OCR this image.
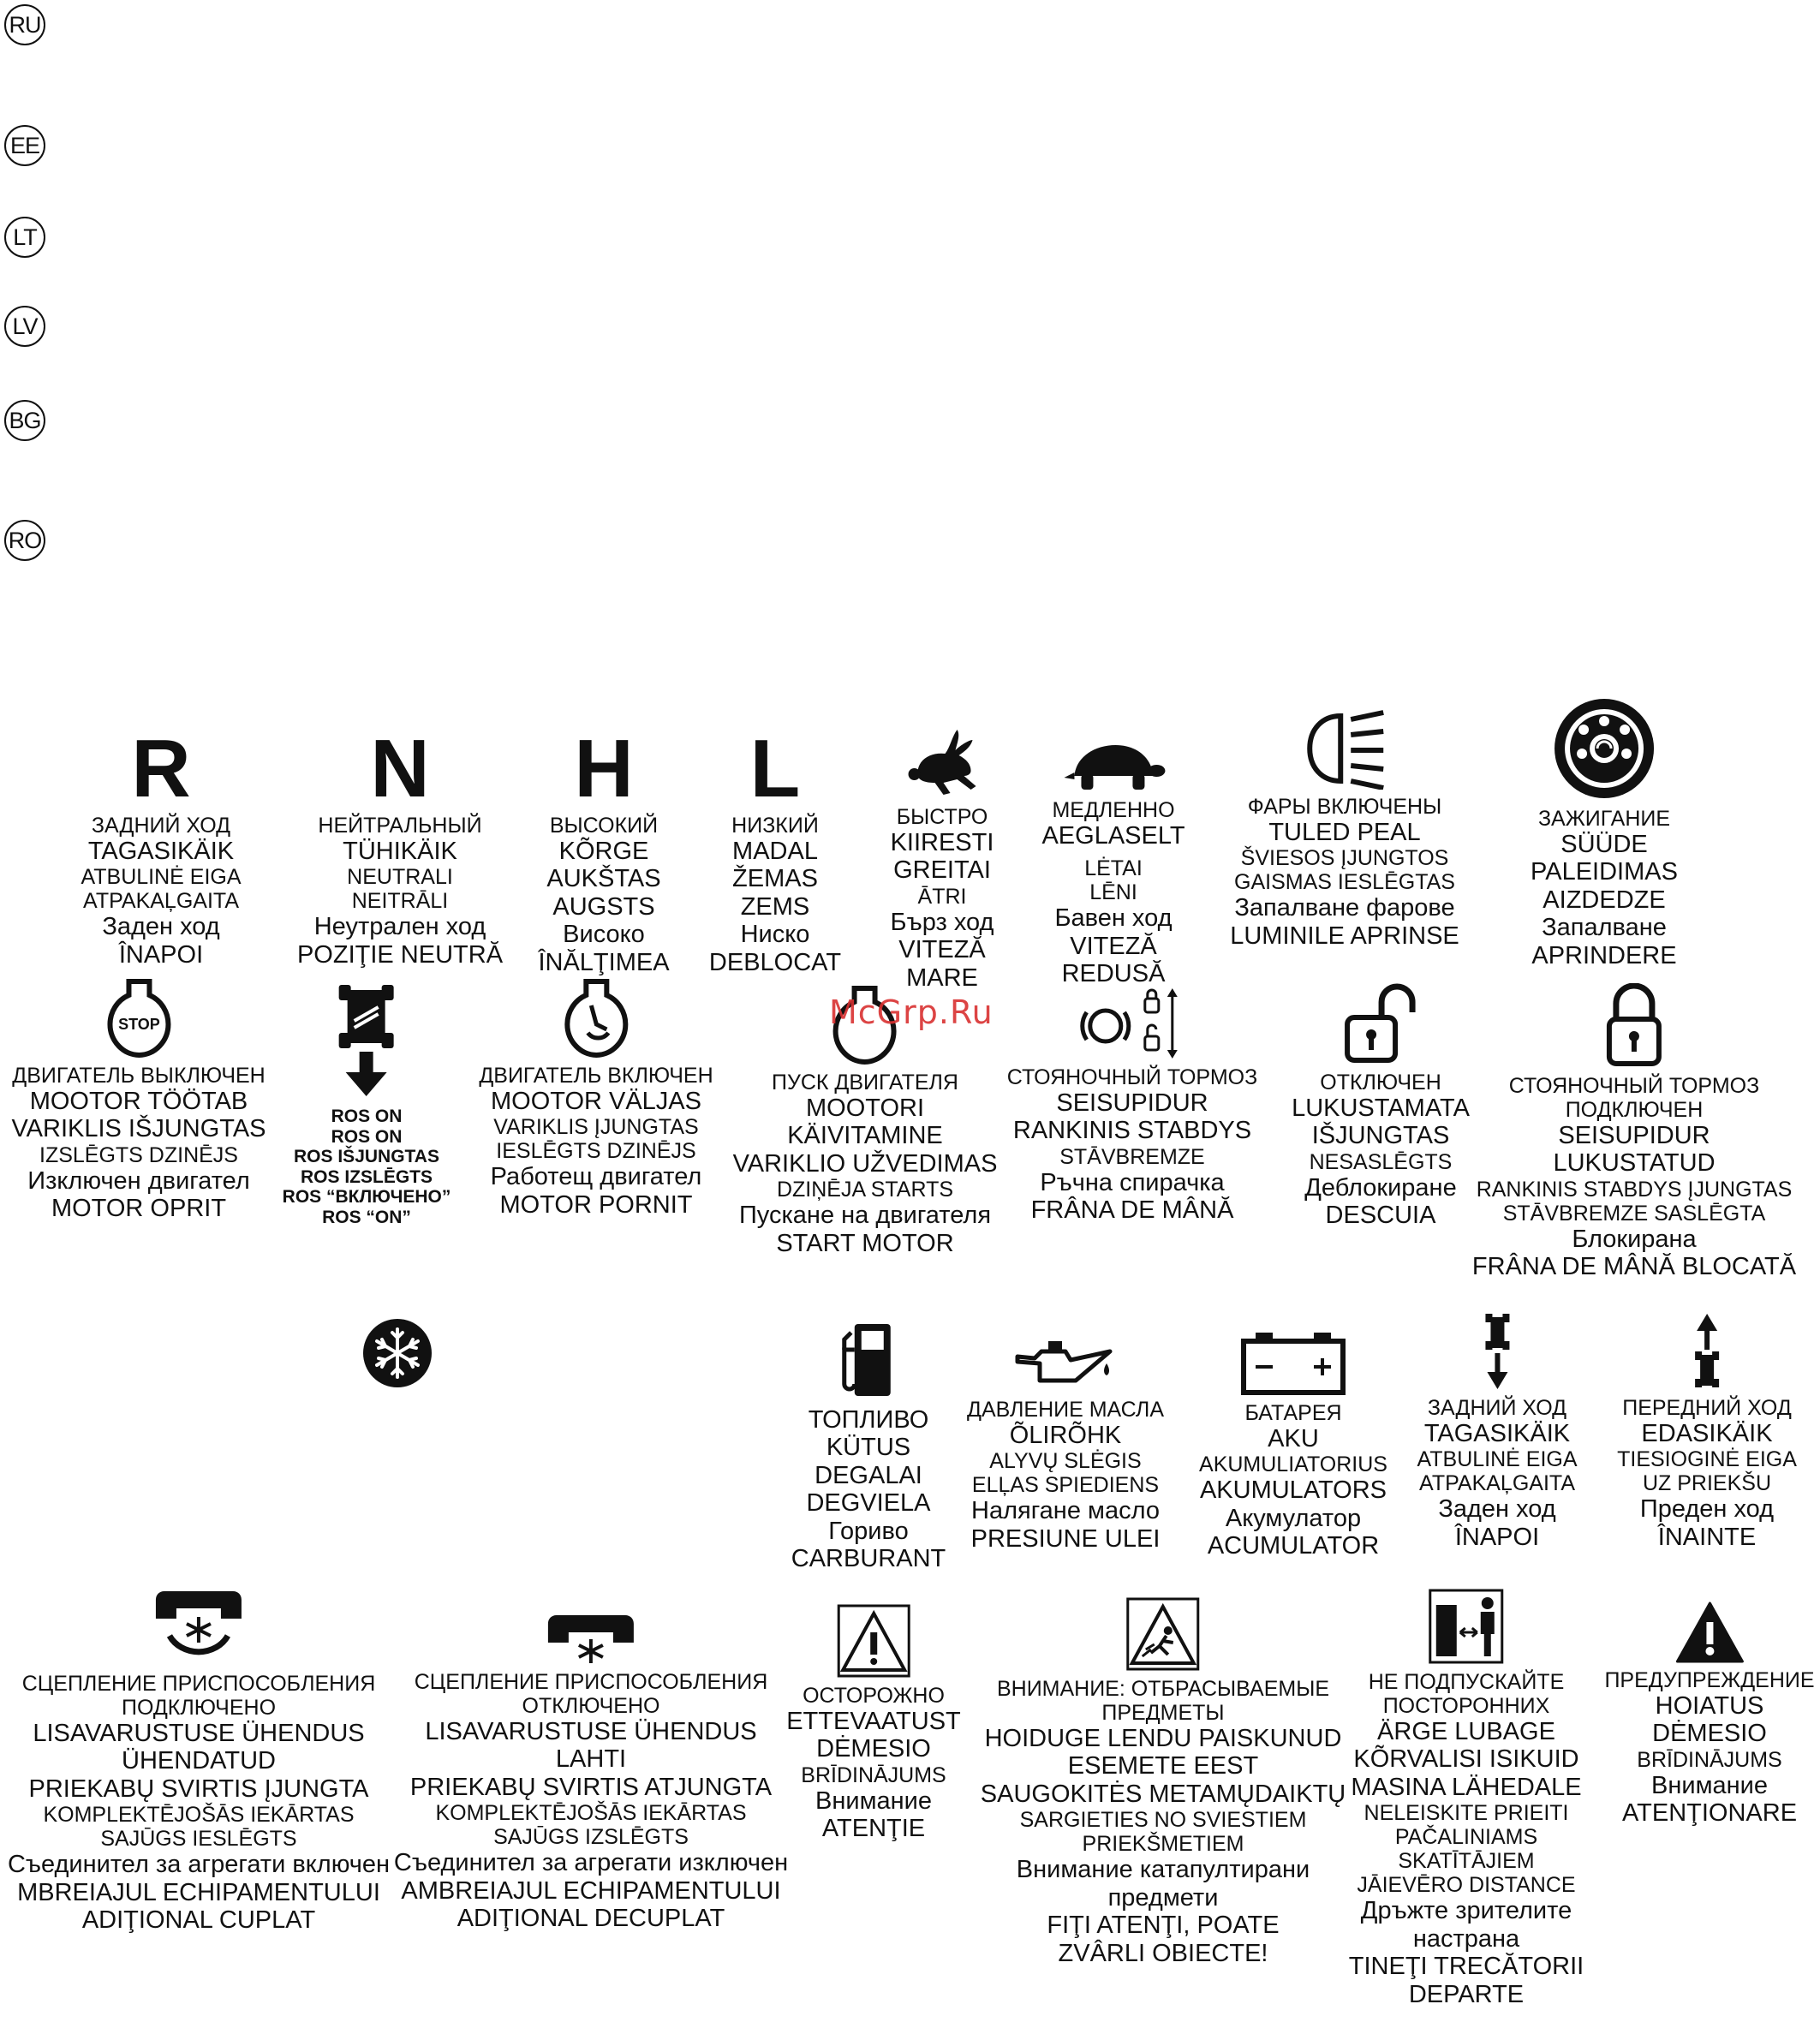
RU
EE
LT
LV
BG
RO
R
ЗАДНИЙ ХОД
TAGASIKÄIK
ATBULINĖ EIGA
ATPAKAĻGAITA
Заден ход
ÎNAPOI
N
НЕЙТРАЛЬНЫЙ
TÜHIKÄIK
NEUTRALI
NEITRĀLI
Неутрален ход
POZIŢIE NEUTRĂ
H
ВЫСОКИЙ
KÕRGE
AUKŠTAS
AUGSTS
Високо
ÎNĂLŢIMEA
L
НИЗКИЙ
MADAL
ŽEMAS
ZEMS
Ниско
DEBLOCAT
БЫСТРО
KIIRESTI
GREITAI
ĀTRI
Бърз ход
VITEZĂ
MARE
МЕДЛЕННО
AEGLASELT
LĖTAI
LĒNI
Бавен ход
VITEZĂ
REDUSĂ
ФАРЫ ВКЛЮЧЕНЫ
TULED PEAL
ŠVIESOS ĮJUNGTOS
GAISMAS IESLĒGTAS
Запалване фарове
LUMINILE APRINSE
ЗАЖИГАНИЕ
SÜÜDE
PALEIDIMAS
AIZDEDZE
Запалване
APRINDERE
STOP
ДВИГАТЕЛЬ ВЫКЛЮЧЕН
MOOTOR TÖÖTAB
VARIKLIS IŠJUNGTAS
IZSLĒGTS DZINĒJS
Изключен двигател
MOTOR OPRIT
ROS ON
ROS ON
ROS IŠJUNGTAS
ROS IZSLĒGTS
ROS “ВКЛЮЧЕНО”
ROS “ON”
ДВИГАТЕЛЬ ВКЛЮЧЕН
MOOTOR VÄLJAS
VARIKLIS ĮJUNGTAS
IESLĒGTS DZINĒJS
Работещ двигател
MOTOR PORNIT
ПУСК ДВИГАТЕЛЯ
MOOTORI
KÄIVITAMINE
VARIKLIO UŽVEDIMAS
DZIŅĒJA STARTS
Пускане на двигателя
START MOTOR
СТОЯНОЧНЫЙ ТОРМОЗ
SEISUPIDUR
RANKINIS STABDYS
STĀVBREMZE
Ръчна спирачка
FRÂNA DE MÂNĂ
ОТКЛЮЧЕН
LUKUSTAMATA
IŠJUNGTAS
NESASLĒGTS
Деблокиране
DESCUIA
СТОЯНОЧНЫЙ ТОРМОЗ
ПОДКЛЮЧЕН
SEISUPIDUR
LUKUSTATUD
RANKINIS STABDYS ĮJUNGTAS
STĀVBREMZE SASLĒGTA
Блокирана
FRÂNA DE MÂNĂ BLOCATĂ
McGrp.Ru
ТОПЛИВО
KÜTUS
DEGALAI
DEGVIELA
Гориво
CARBURANT
ДАВЛЕНИЕ МАСЛА
ÕLIRÕHK
ALYVŲ SLĖGIS
ELĻAS SPIEDIENS
Налягане масло
PRESIUNE ULEI
БАТАРЕЯ
AKU
AKUMULIATORIUS
AKUMULATORS
Акумулатор
ACUMULATOR
ЗАДНИЙ ХОД
TAGASIKÄIK
ATBULINĖ EIGA
ATPAKAĻGAITA
Заден ход
ÎNAPOI
ПЕРЕДНИЙ ХОД
EDASIKÄIK
TIESIOGINĖ EIGA
UZ PRIEKŠU
Преден ход
ÎNAINTE
СЦЕПЛЕНИЕ ПРИСПОСОБЛЕНИЯ
ПОДКЛЮЧЕНО
LISAVARUSTUSE ÜHENDUS
ÜHENDATUD
PRIEKABŲ SVIRTIS ĮJUNGTA
KOMPLEKTĒJOŠĀS IEKĀRTAS
SAJŪGS IESLĒGTS
Съединител за агрегати включен
MBREIAJUL ECHIPAMENTULUI
ADIŢIONAL CUPLAT
СЦЕПЛЕНИЕ ПРИСПОСОБЛЕНИЯ
ОТКЛЮЧЕНО
LISAVARUSTUSE ÜHENDUS
LAHTI
PRIEKABŲ SVIRTIS ATJUNGTA
KOMPLEKTĒJOŠĀS IEKĀRTAS
SAJŪGS IZSLĒGTS
Съединител за агрегати изключен
AMBREIAJUL ECHIPAMENTULUI
ADIŢIONAL DECUPLAT
ОСТОРОЖНО
ETTEVAATUST
DĖMESIO
BRĪDINĀJUMS
Внимание
ATENŢIE
ВНИМАНИЕ: ОТБРАСЫВАЕМЫЕ
ПРЕДМЕТЫ
HOIDUGE LENDU PAISKUNUD
ESEMETE EEST
SAUGOKITĖS METAMŲDAIKTŲ
SARGIETIES NO SVIESTIEM
PRIEKŠMETIEM
Внимание катапултирани
предмети
FIŢI ATENŢI, POATE
ZVÂRLI OBIECTE!
НЕ ПОДПУСКАЙТЕ
ПОСТОРОННИХ
ÄRGE LUBAGE
KÕRVALISI ISIKUID
MASINA LÄHEDALE
NELEISKITE PRIEITI
PAČALINIAMS
SKATĪTĀJIEM
JĀIEVĒRO DISTANCE
Дръжте зрителите
настрана
TINEŢI TRECĂTORII
DEPARTE
ПРЕДУПРЕЖДЕНИЕ
HOIATUS
DĖMESIO
BRĪDINĀJUMS
Внимание
ATENŢIONARE
